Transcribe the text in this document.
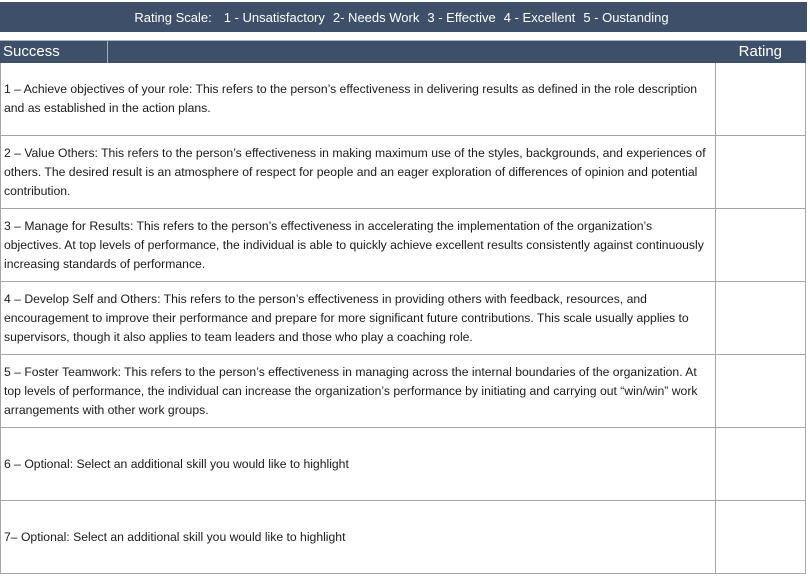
Rating Scale: 1 - Unsatisfactory 2- Needs Work 3 - Effective 4 - Excellent 5 - Oustanding
Success Factors
Rating
1 – Achieve objectives of your role: This refers to the person’s effectiveness in delivering results as defined in the role description and as established in the action plans.
2 – Value Others: This refers to the person’s effectiveness in making maximum use of the styles, backgrounds, and experiences of others. The desired result is an atmosphere of respect for people and an eager exploration of differences of opinion and potential contribution.
3 – Manage for Results: This refers to the person’s effectiveness in accelerating the implementation of the organization’s objectives. At top levels of performance, the individual is able to quickly achieve excellent results consistently against continuously increasing standards of performance.
4 – Develop Self and Others: This refers to the person’s effectiveness in providing others with feedback, resources, and encouragement to improve their performance and prepare for more significant future contributions. This scale usually applies to supervisors, though it also applies to team leaders and those who play a coaching role.
5 – Foster Teamwork: This refers to the person’s effectiveness in managing across the internal boundaries of the organization. At top levels of performance, the individual can increase the organization’s performance by initiating and carrying out “win/win” work arrangements with other work groups.
6 – Optional: Select an additional skill you would like to highlight
7– Optional: Select an additional skill you would like to highlight
